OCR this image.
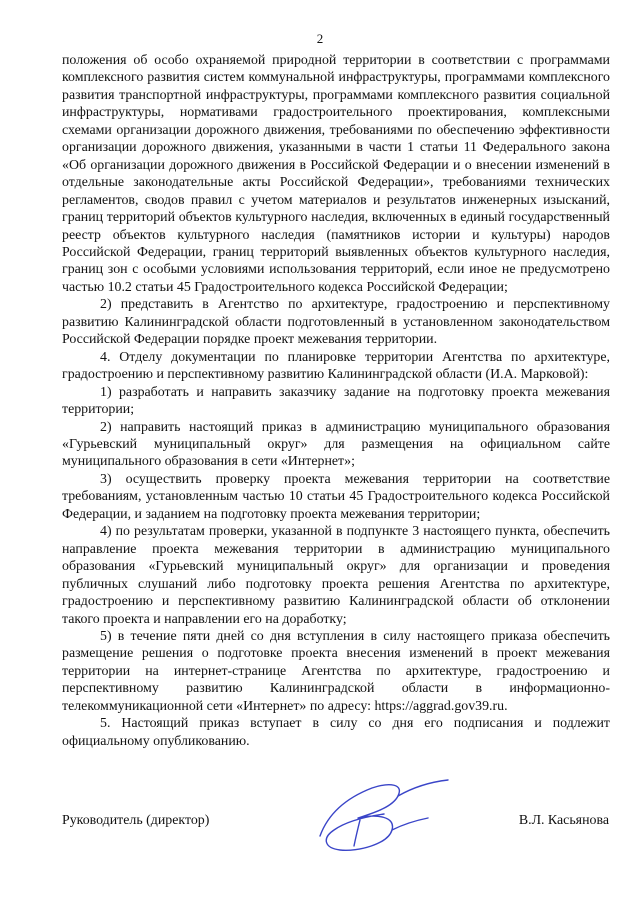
2

положения об особо охраняемой природной территории в соответствии с программами комплексного развития систем коммунальной инфраструктуры, программами комплексного развития транспортной инфраструктуры, программами комплексного развития социальной инфраструктуры, нормативами градостроительного проектирования, комплексными схемами организации дорожного движения, требованиями по обеспечению эффективности организации дорожного движения, указанными в части 1 статьи 11 Федерального закона «Об организации дорожного движения в Российской Федерации и о внесении изменений в отдельные законодательные акты Российской Федерации», требованиями технических регламентов, сводов правил с учетом материалов и результатов инженерных изысканий, границ территорий объектов культурного наследия, включенных в единый государственный реестр объектов культурного наследия (памятников истории и культуры) народов Российской Федерации, границ территорий выявленных объектов культурного наследия, границ зон с особыми условиями использования территорий, если иное не предусмотрено частью 10.2 статьи 45 Градостроительного кодекса Российской Федерации;

2) представить в Агентство по архитектуре, градостроению и перспективному развитию Калининградской области подготовленный в установленном законодательством Российской Федерации порядке проект межевания территории.

4. Отделу документации по планировке территории Агентства по архитектуре, градостроению и перспективному развитию Калининградской области (И.А. Марковой):

1) разработать и направить заказчику задание на подготовку проекта межевания территории;

2) направить настоящий приказ в администрацию муниципального образования «Гурьевский муниципальный округ» для размещения на официальном сайте муниципального образования в сети «Интернет»;

3) осуществить проверку проекта межевания территории на соответствие требованиям, установленным частью 10 статьи 45 Градостроительного кодекса Российской Федерации, и заданием на подготовку проекта межевания территории;

4) по результатам проверки, указанной в подпункте 3 настоящего пункта, обеспечить направление проекта межевания территории в администрацию муниципального образования «Гурьевский муниципальный округ» для организации и проведения публичных слушаний либо подготовку проекта решения Агентства по архитектуре, градостроению и перспективному развитию Калининградской области об отклонении такого проекта и направлении его на доработку;

5) в течение пяти дней со дня вступления в силу настоящего приказа обеспечить размещение решения о подготовке проекта внесения изменений в проект межевания территории на интернет-странице Агентства по архитектуре, градостроению и перспективному развитию Калининградской области в информационно-телекоммуникационной сети «Интернет» по адресу: https://aggrad.gov39.ru.

5. Настоящий приказ вступает в силу со дня его подписания и подлежит официальному опубликованию.

Руководитель (директор)	В.Л. Касьянова
